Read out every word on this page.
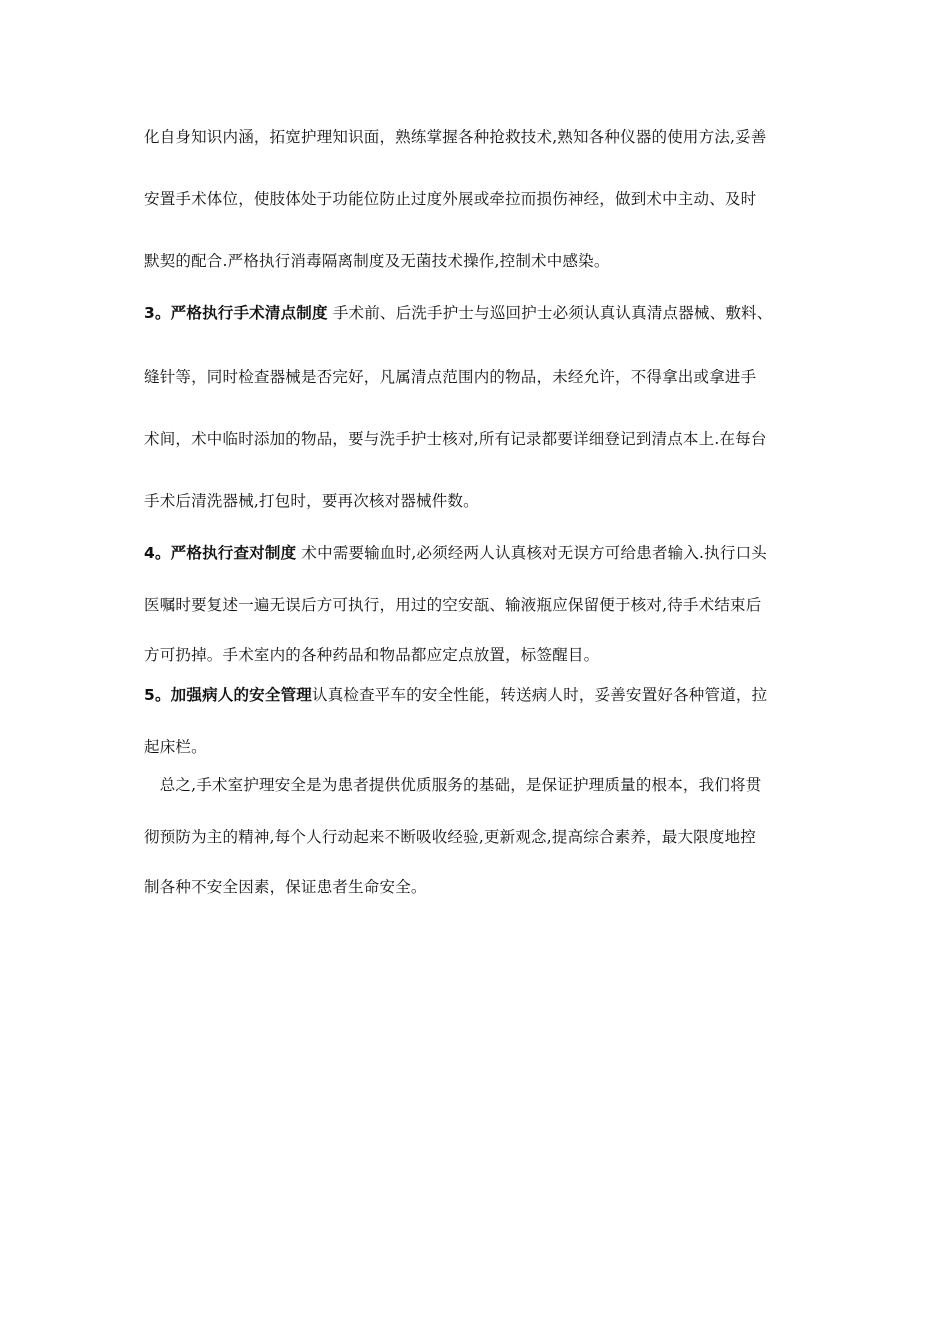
化自身知识内涵，拓宽护理知识面，熟练掌握各种抢救技术,熟知各种仪器的使用方法,妥善
安置手术体位，使肢体处于功能位防止过度外展或牵拉而损伤神经，做到术中主动、及时
默契的配合.严格执行消毒隔离制度及无菌技术操作,控制术中感染。
3。严格执行手术清点制度 手术前、后洗手护士与巡回护士必须认真认真清点器械、敷料、
缝针等，同时检查器械是否完好，凡属清点范围内的物品，未经允许，不得拿出或拿进手
术间，术中临时添加的物品，要与洗手护士核对,所有记录都要详细登记到清点本上.在每台
手术后清洗器械,打包时，要再次核对器械件数。
4。严格执行查对制度 术中需要输血时,必须经两人认真核对无误方可给患者输入.执行口头
医嘱时要复述一遍无误后方可执行，用过的空安瓿、输液瓶应保留便于核对,待手术结束后
方可扔掉。手术室内的各种药品和物品都应定点放置，标签醒目。
5。加强病人的安全管理认真检查平车的安全性能，转送病人时，妥善安置好各种管道，拉
起床栏。
　总之,手术室护理安全是为患者提供优质服务的基础，是保证护理质量的根本，我们将贯
彻预防为主的精神,每个人行动起来不断吸收经验,更新观念,提高综合素养，最大限度地控
制各种不安全因素，保证患者生命安全。
